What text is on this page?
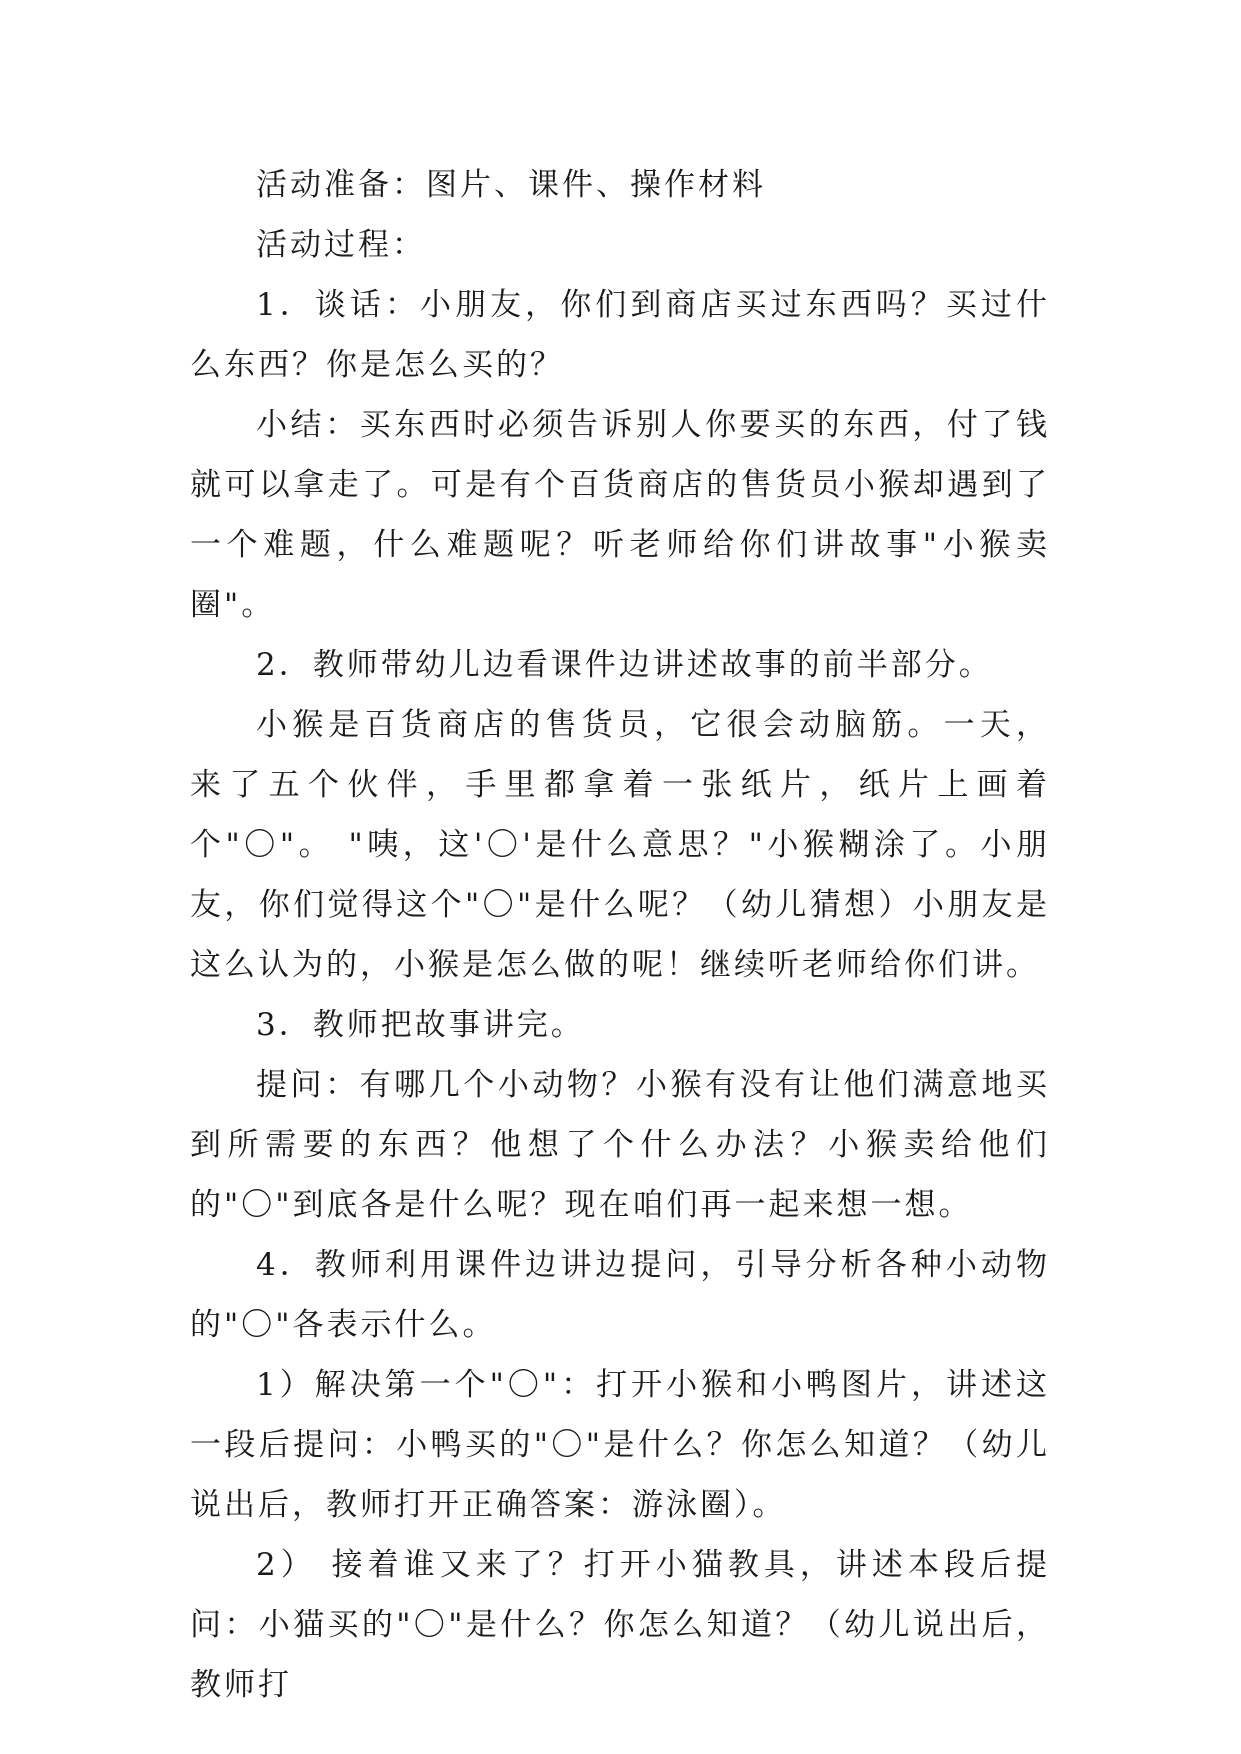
活动准备：图片、课件、操作材料

活动过程：

1．谈话：小朋友，你们到商店买过东西吗？买过什么东西？你是怎么买的？

小结：买东西时必须告诉别人你要买的东西，付了钱就可以拿走了。可是有个百货商店的售货员小猴却遇到了一个难题，什么难题呢？听老师给你们讲故事"小猴卖圈"。

2．教师带幼儿边看课件边讲述故事的前半部分。

小猴是百货商店的售货员，它很会动脑筋。一天， 来了五个伙伴，手里都拿着一张纸片，纸片上画着个"〇"。 "咦，这'〇'是什么意思？"小猴糊涂了。小朋友，你们觉得这个"〇"是什么呢？（幼儿猜想）小朋友是这么认为的，小猴是怎么做的呢！继续听老师给你们讲。

3．教师把故事讲完。

提问：有哪几个小动物？小猴有没有让他们满意地买到所需要的东西？他想了个什么办法？小猴卖给他们的"〇"到底各是什么呢？现在咱们再一起来想一想。

4．教师利用课件边讲边提问，引导分析各种小动物的"〇"各表示什么。

1）解决第一个"〇"：打开小猴和小鸭图片，讲述这一段后提问：小鸭买的"〇"是什么？你怎么知道？（幼儿说出后，教师打开正确答案：游泳圈）。

2） 接着谁又来了？打开小猫教具，讲述本段后提问：小猫买的"〇"是什么？你怎么知道？（幼儿说出后，教师打
